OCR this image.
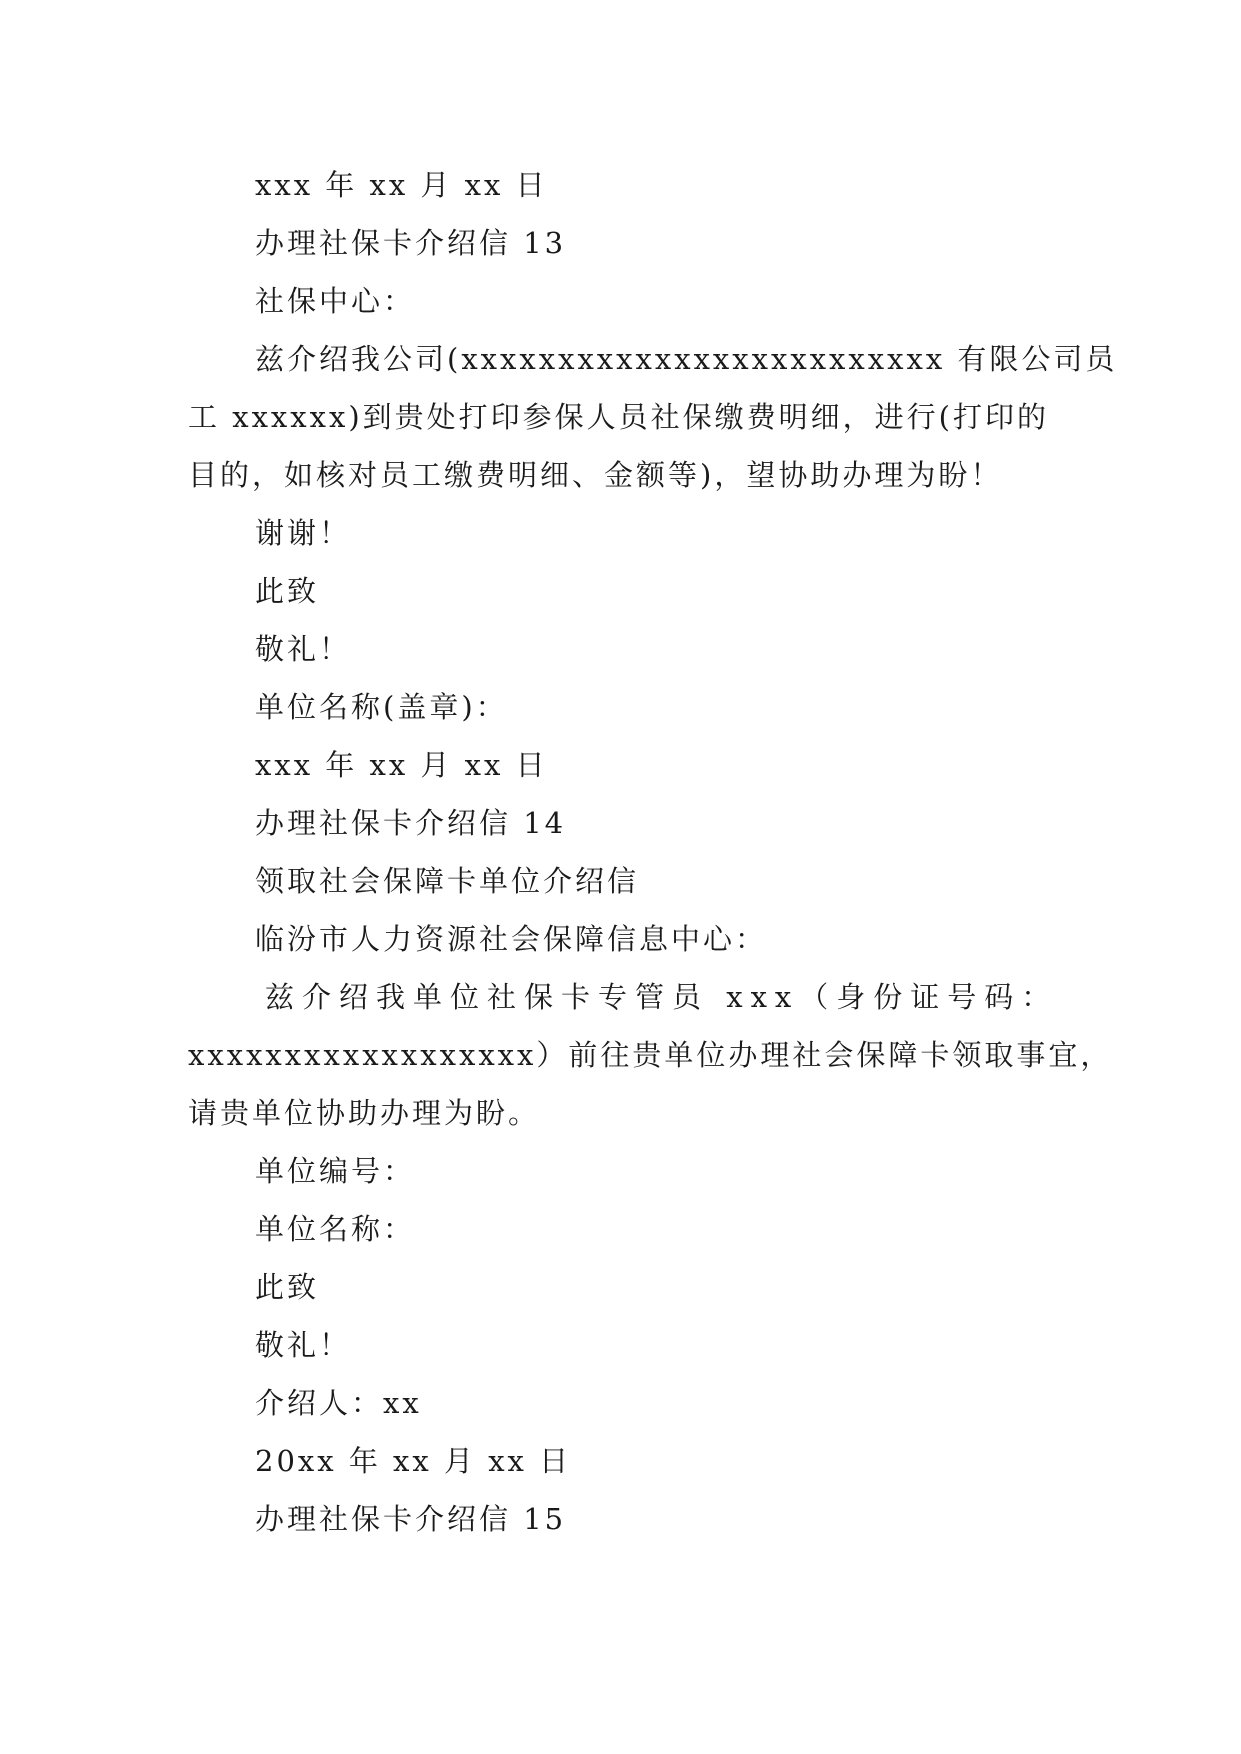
xxx 年 xx 月 xx 日
办理社保卡介绍信 13
社保中心：
兹介绍我公司(xxxxxxxxxxxxxxxxxxxxxxxxx 有限公司员
工 xxxxxx)到贵处打印参保人员社保缴费明细，进行(打印的
目的，如核对员工缴费明细、金额等)，望协助办理为盼！
谢谢！
此致
敬礼！
单位名称(盖章)：
xxx 年 xx 月 xx 日
办理社保卡介绍信 14
领取社会保障卡单位介绍信
临汾市人力资源社会保障信息中心：
兹介绍我单位社保卡专管员 xxx（身份证号码：
xxxxxxxxxxxxxxxxxx）前往贵单位办理社会保障卡领取事宜，
请贵单位协助办理为盼。
单位编号：
单位名称：
此致
敬礼！
介绍人：xx
20xx 年 xx 月 xx 日
办理社保卡介绍信 15
